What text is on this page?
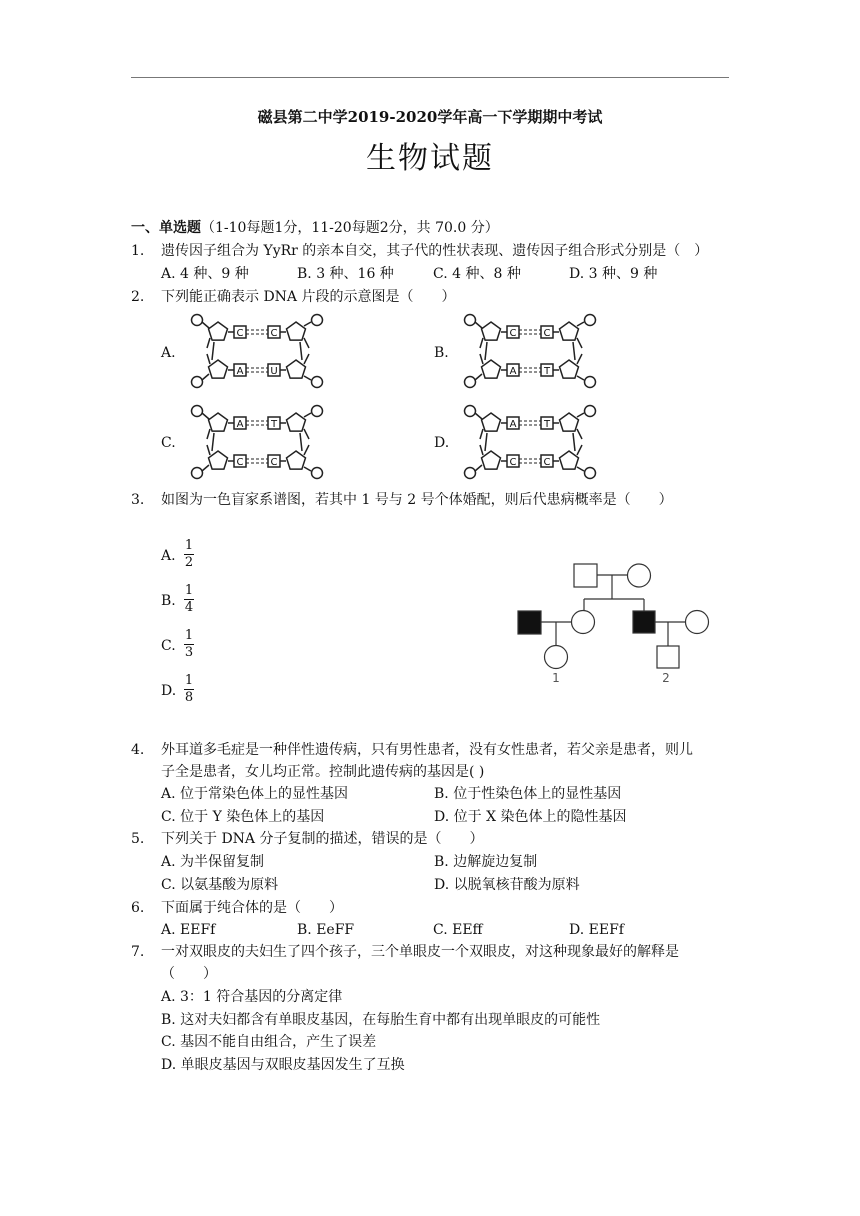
磁县第二中学2019-2020学年高一下学期期中考试
生物试题
一、单选题（1-10每题1分，11-20每题2分，共 70.0 分）
1. 遗传因子组合为 YyRr 的亲本自交，其子代的性状表现、遗传因子组合形式分别是（　）
A. 4 种、9 种	B. 3 种、16 种	C. 4 种、8 种	D. 3 种、9 种
2. 下列能正确表示 DNA 片段的示意图是（　　）
A.	B.
C.	D.
C	C
A	U
C	C
A	T
A	T
C	C
A	T
C	C
3. 如图为一色盲家系谱图，若其中 1 号与 2 号个体婚配，则后代患病概率是（　　）
A.
1
2
B.
1
4
C.
1
3
D.
1
8
1	2
4. 外耳道多毛症是一种伴性遗传病，只有男性患者，没有女性患者，若父亲是患者，则儿
子全是患者，女儿均正常。控制此遗传病的基因是( )
A. 位于常染色体上的显性基因	B. 位于性染色体上的显性基因
C. 位于 Y 染色体上的基因	D. 位于 X 染色体上的隐性基因
5. 下列关于 DNA 分子复制的描述，错误的是（　　）
A. 为半保留复制	B. 边解旋边复制
C. 以氨基酸为原料	D. 以脱氧核苷酸为原料
6. 下面属于纯合体的是（　　）
A. EEFf	B. EeFF	C. EEff	D. EEFf
7. 一对双眼皮的夫妇生了四个孩子，三个单眼皮一个双眼皮，对这种现象最好的解释是
（　　）
A. 3：1 符合基因的分离定律
B. 这对夫妇都含有单眼皮基因，在每胎生育中都有出现单眼皮的可能性
C. 基因不能自由组合，产生了误差
D. 单眼皮基因与双眼皮基因发生了互换
